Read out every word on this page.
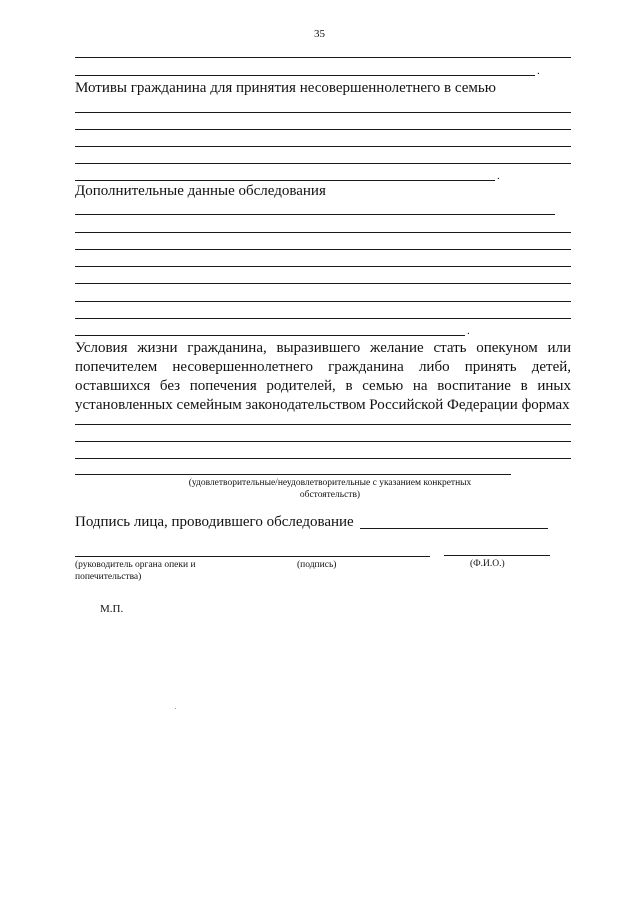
35
.
Мотивы гражданина для принятия несовершеннолетнего в семью
.
Дополнительные данные обследования
.
Условия жизни гражданина, выразившего желание стать опекуном или попечителем несовершеннолетнего гражданина либо принять детей, оставшихся без попечения родителей, в семью на воспитание в иных установленных семейным законодательством Российской Федерации формах
(удовлетворительные/неудовлетворительные с указанием конкретных
обстоятельств)
Подпись лица, проводившего обследование
(руководитель органа опеки и
попечительства)
(подпись)	(Ф.И.О.)
М.П.
